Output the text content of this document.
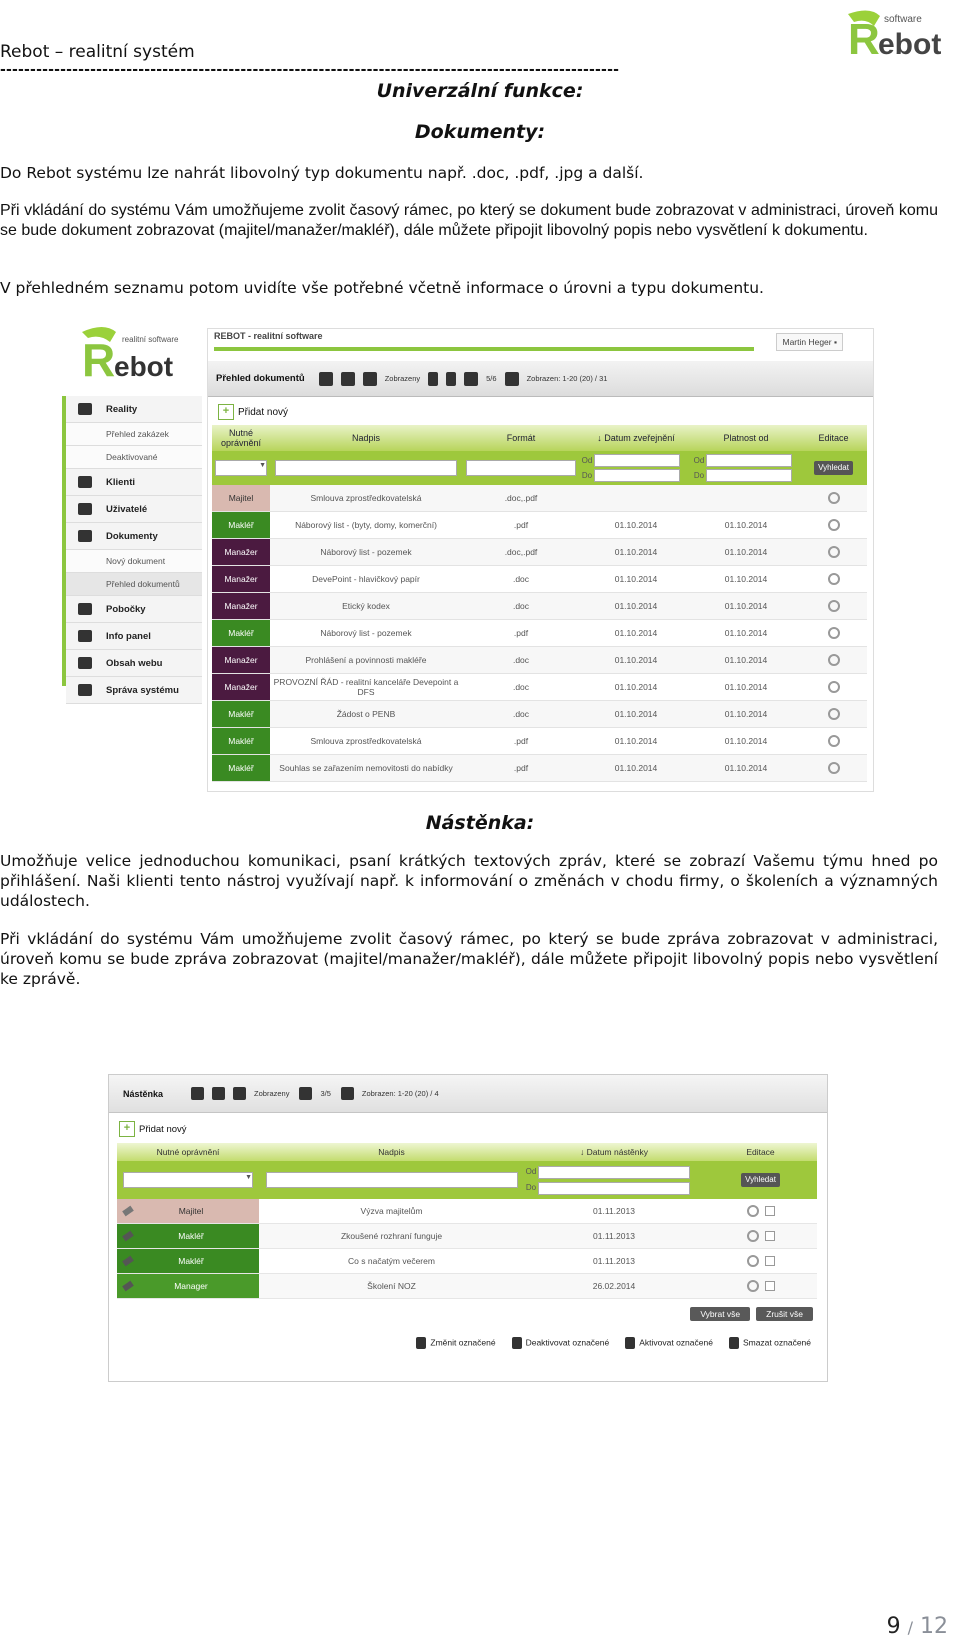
Rebot – realitní systém
-------------------------------------------------------------------------------------------------------
R
ebot
software
Univerzální funkce:
Dokumenty:
Do Rebot systému lze nahrát libovolný typ dokumentu např. .doc, .pdf, .jpg a další.
Při vkládání do systému Vám umožňujeme zvolit časový rámec, po který se dokument bude zobrazovat v administraci, úroveň komu se bude dokument zobrazovat (majitel/manažer/makléř), dále můžete připojit libovolný popis nebo vysvětlení k dokumentu.
V přehledném seznamu potom uvidíte vše potřebné včetně informace o úrovni a typu dokumentu.
R
ebot
realitní software
Reality
Přehled zakázek
Deaktivované
Klienti
Uživatelé
Dokumenty
Nový dokument
Přehled dokumentů
Pobočky
Info panel
Obsah webu
Správa systému
REBOT - realitní software
Martin Heger ▪
Přehled dokumentů	Zobrazeny	5/6	Zobrazen: 1-20 (20) / 31
+ Přidat nový
Nutné oprávnění	Nadpis	Formát	↓ Datum zveřejnění	Platnost od	Editace
▼
Od
Do
Od
Do
Vyhledat
Majitel	Smlouva zprostředkovatelská	.doc,.pdf
Makléř	Náborový list - (byty, domy, komerční)	.pdf	01.10.2014	01.10.2014
Manažer	Náborový list - pozemek	.doc,.pdf	01.10.2014	01.10.2014
Manažer	DevePoint - hlavičkový papír	.doc	01.10.2014	01.10.2014
Manažer	Etický kodex	.doc	01.10.2014	01.10.2014
Makléř	Náborový list - pozemek	.pdf	01.10.2014	01.10.2014
Manažer	Prohlášení a povinnosti makléře	.doc	01.10.2014	01.10.2014
Manažer	PROVOZNÍ ŘÁD - realitní kanceláře Devepoint a DFS	.doc	01.10.2014	01.10.2014
Makléř	Žádost o PENB	.doc	01.10.2014	01.10.2014
Makléř	Smlouva zprostředkovatelská	.pdf	01.10.2014	01.10.2014
Makléř	Souhlas se zařazením nemovitosti do nabídky	.pdf	01.10.2014	01.10.2014
Nástěnka:
Umožňuje velice jednoduchou komunikaci, psaní krátkých textových zpráv, které se zobrazí Vašemu týmu hned po přihlášení. Naši klienti tento nástroj využívají např. k informování o změnách v chodu firmy, o školeních a významných událostech.
Při vkládání do systému Vám umožňujeme zvolit časový rámec, po který se bude zpráva zobrazovat v administraci, úroveň komu se bude zpráva zobrazovat (majitel/manažer/makléř), dále můžete připojit libovolný popis nebo vysvětlení ke zprávě.
Nástěnka	Zobrazeny	3/5	Zobrazen: 1-20 (20) / 4
+ Přidat nový
Nutné oprávnění	Nadpis	↓ Datum nástěnky	Editace
▼
Od
Do
Vyhledat
Majitel	Výzva majitelům	01.11.2013
Makléř	Zkoušené rozhraní funguje	01.11.2013
Makléř	Co s načatým večerem	01.11.2013
Manager	Školení NOZ	26.02.2014
Vybrat vše	Zrušit vše
Změnit označené	Deaktivovat označené	Aktivovat označené	Smazat označené
9 / 12
